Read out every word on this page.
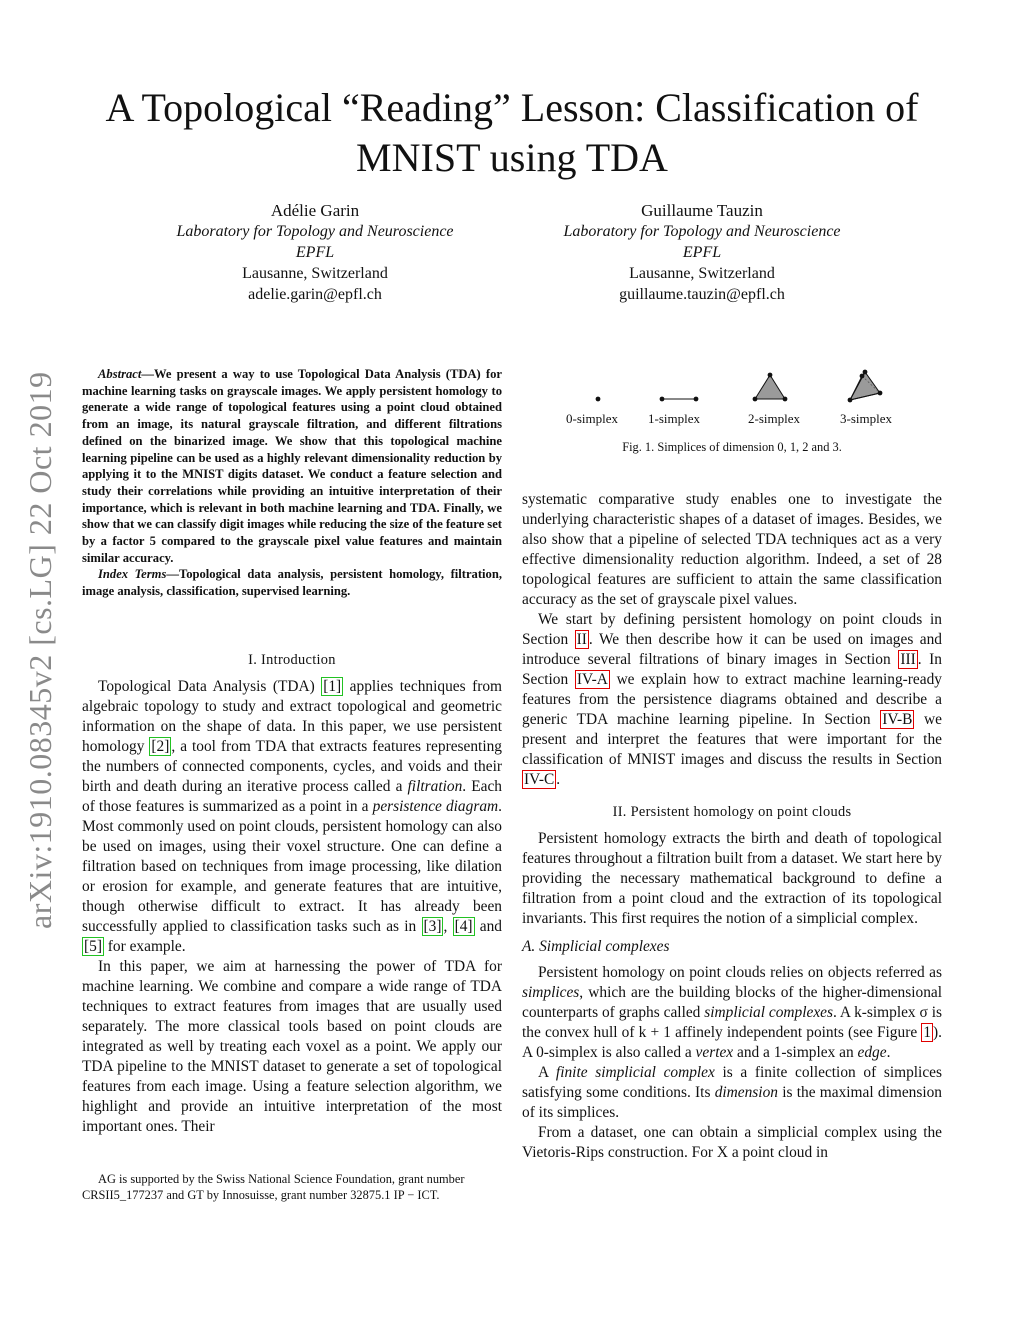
A Topological “Reading” Lesson: Classification of
MNIST using TDA
Adélie Garin
Laboratory for Topology and Neuroscience
EPFL
Lausanne, Switzerland
adelie.garin@epfl.ch
Guillaume Tauzin
Laboratory for Topology and Neuroscience
EPFL
Lausanne, Switzerland
guillaume.tauzin@epfl.ch
arXiv:1910.08345v2 [cs.LG] 22 Oct 2019	Abstract—We present a way to use Topological Data Analysis (TDA) for machine learning tasks on grayscale images. We apply persistent homology to generate a wide range of topological features using a point cloud obtained from an image, its natural grayscale filtration, and different filtrations defined on the binarized image. We show that this topological machine learning pipeline can be used as a highly relevant dimensionality reduction by applying it to the MNIST digits dataset. We conduct a feature selection and study their correlations while providing an intuitive interpretation of their importance, which is relevant in both machine learning and TDA. Finally, we show that we can classify digit images while reducing the size of the feature set by a factor 5 compared to the grayscale pixel value features and maintain similar accuracy.

Index Terms—Topological data analysis, persistent homology, filtration, image analysis, classification, supervised learning.

I. Introduction

Topological Data Analysis (TDA) [1] applies techniques from algebraic topology to study and extract topological and geometric information on the shape of data. In this paper, we use persistent homology [2] , a tool from TDA that extracts features representing the numbers of connected components, cycles, and voids and their birth and death during an iterative process called a filtration. Each of those features is summarized as a point in a persistence diagram. Most commonly used on point clouds, persistent homology can also be used on images, using their voxel structure. One can define a filtration based on techniques from image processing, like dilation or erosion for example, and generate features that are intuitive, though otherwise difficult to extract. It has already been successfully applied to classification tasks such as in [3] , [4] and [5] for example.

In this paper, we aim at harnessing the power of TDA for machine learning. We combine and compare a wide range of TDA techniques to extract features from images that are usually used separately. The more classical tools based on point clouds are integrated as well by treating each voxel as a point. We apply our TDA pipeline to the MNIST dataset to generate a set of topological features from each image. Using a feature selection algorithm, we highlight and provide an intuitive interpretation of the most important ones. Their

AG is supported by the Swiss National Science Foundation, grant number

CRSII5_177237 and GT by Innosuisse, grant number 32875.1 IP − ICT.

0-simplex 1-simplex	2-simplex	3-simplex
Fig. 1. Simplices of dimension 0, 1, 2 and 3.

systematic comparative study enables one to investigate the underlying characteristic shapes of a dataset of images. Besides, we also show that a pipeline of selected TDA techniques act as a very effective dimensionality reduction algorithm. Indeed, a set of 28 topological features are sufficient to attain the same classification accuracy as the set of grayscale pixel values.

We start by defining persistent homology on point clouds in Section II . We then describe how it can be used on images and introduce several filtrations of binary images in Section III . In Section IV-A we explain how to extract machine learning-ready features from the persistence diagrams obtained and describe a generic TDA machine learning pipeline. In Section IV-B we present and interpret the features that were important for the classification of MNIST images and discuss the results in Section IV-C .

II. Persistent homology on point clouds

Persistent homology extracts the birth and death of topological features throughout a filtration built from a dataset. We start here by providing the necessary mathematical background to define a filtration from a point cloud and the extraction of its topological invariants. This first requires the notion of a simplicial complex.

A. Simplicial complexes

Persistent homology on point clouds relies on objects referred as simplices, which are the building blocks of the higher-dimensional counterparts of graphs called simplicial complexes. A k-simplex σ is the convex hull of k + 1 affinely independent points (see Figure 1 ). A 0-simplex is also called a vertex and a 1-simplex an edge.

A finite simplicial complex is a finite collection of simplices satisfying some conditions. Its dimension is the maximal dimension of its simplices.

From a dataset, one can obtain a simplicial complex using the Vietoris-Rips construction. For X a point cloud in
